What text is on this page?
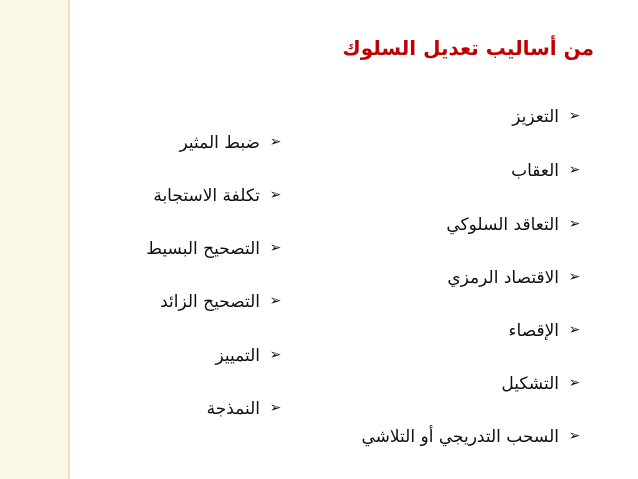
من أساليب تعديل السلوك
➢
التعزيز
➢
العقاب
➢
التعاقد السلوكي
➢
الاقتصاد الرمزي
➢
الإقصاء
➢
التشكيل
➢
السحب التدريجي أو التلاشي
➢
ضبط المثير
➢
تكلفة الاستجابة
➢
التصحيح البسيط
➢
التصحيح الزائد
➢
التمييز
➢
النمذجة
